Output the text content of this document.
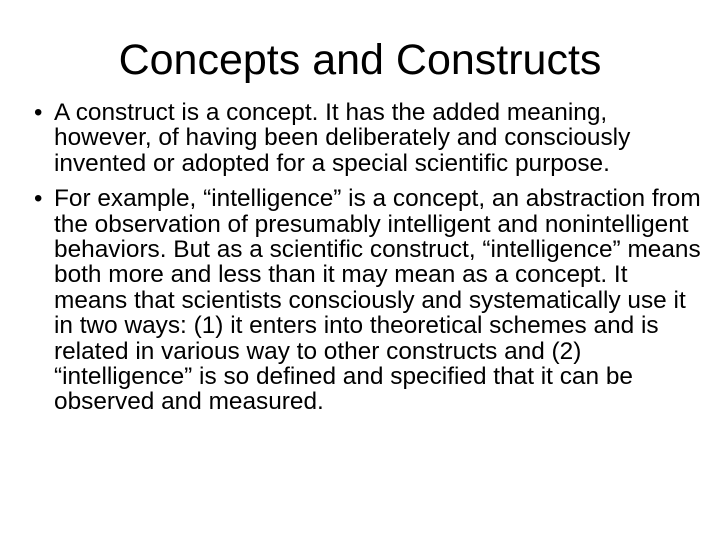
Concepts and Constructs
• A construct is a concept. It has the added meaning, however, of having been deliberately and consciously invented or adopted for a special scientific purpose.
• For example, “intelligence” is a concept, an abstraction from the observation of presumably intelligent and nonintelligent behaviors. But as a scientific construct, “intelligence” means both more and less than it may mean as a concept. It means that scientists consciously and systematically use it in two ways: (1) it enters into theoretical schemes and is related in various way to other constructs and (2) “intelligence” is so defined and specified that it can be observed and measured.
